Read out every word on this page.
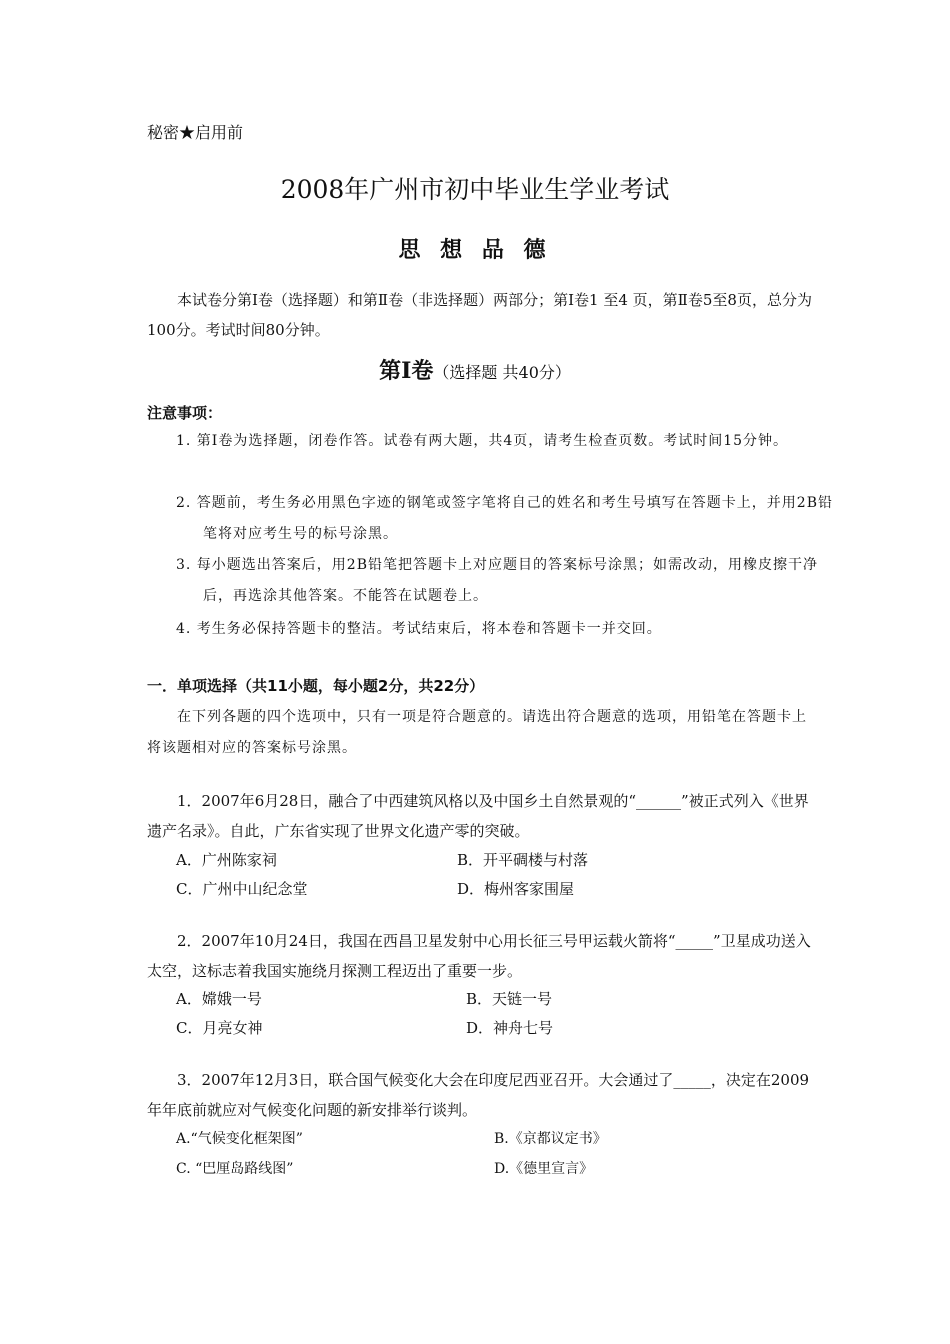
秘密★启用前
2008年广州市初中毕业生学业考试
思 想 品 德
本试卷分第Ⅰ卷（选择题）和第Ⅱ卷（非选择题）两部分；第Ⅰ卷1 至4 页，第Ⅱ卷5至8页，总分为100分。考试时间80分钟。
第Ⅰ卷（选择题 共40分）
注意事项：
1. 第Ⅰ卷为选择题，闭卷作答。试卷有两大题，共4页，请考生检查页数。考试时间15分钟。
2. 答题前，考生务必用黑色字迹的钢笔或签字笔将自己的姓名和考生号填写在答题卡上，并用2B铅笔将对应考生号的标号涂黑。
3. 每小题选出答案后，用2B铅笔把答题卡上对应题目的答案标号涂黑；如需改动，用橡皮擦干净后，再选涂其他答案。不能答在试题卷上。
4. 考生务必保持答题卡的整洁。考试结束后，将本卷和答题卡一并交回。
一．单项选择（共11小题，每小题2分，共22分）
在下列各题的四个选项中，只有一项是符合题意的。请选出符合题意的选项，用铅笔在答题卡上将该题相对应的答案标号涂黑。
1．2007年6月28日，融合了中西建筑风格以及中国乡土自然景观的“______”被正式列入《世界遗产名录》。自此，广东省实现了世界文化遗产零的突破。
A．广州陈家祠	B．开平碉楼与村落
C．广州中山纪念堂	D．梅州客家围屋
2．2007年10月24日，我国在西昌卫星发射中心用长征三号甲运载火箭将“_____”卫星成功送入太空，这标志着我国实施绕月探测工程迈出了重要一步。
A．嫦娥一号	B．天链一号
C．月亮女神	D．神舟七号
3．2007年12月3日，联合国气候变化大会在印度尼西亚召开。大会通过了_____，决定在2009年年底前就应对气候变化问题的新安排举行谈判。
A.“气候变化框架图”	B.《京都议定书》
C. “巴厘岛路线图”	D.《德里宣言》
